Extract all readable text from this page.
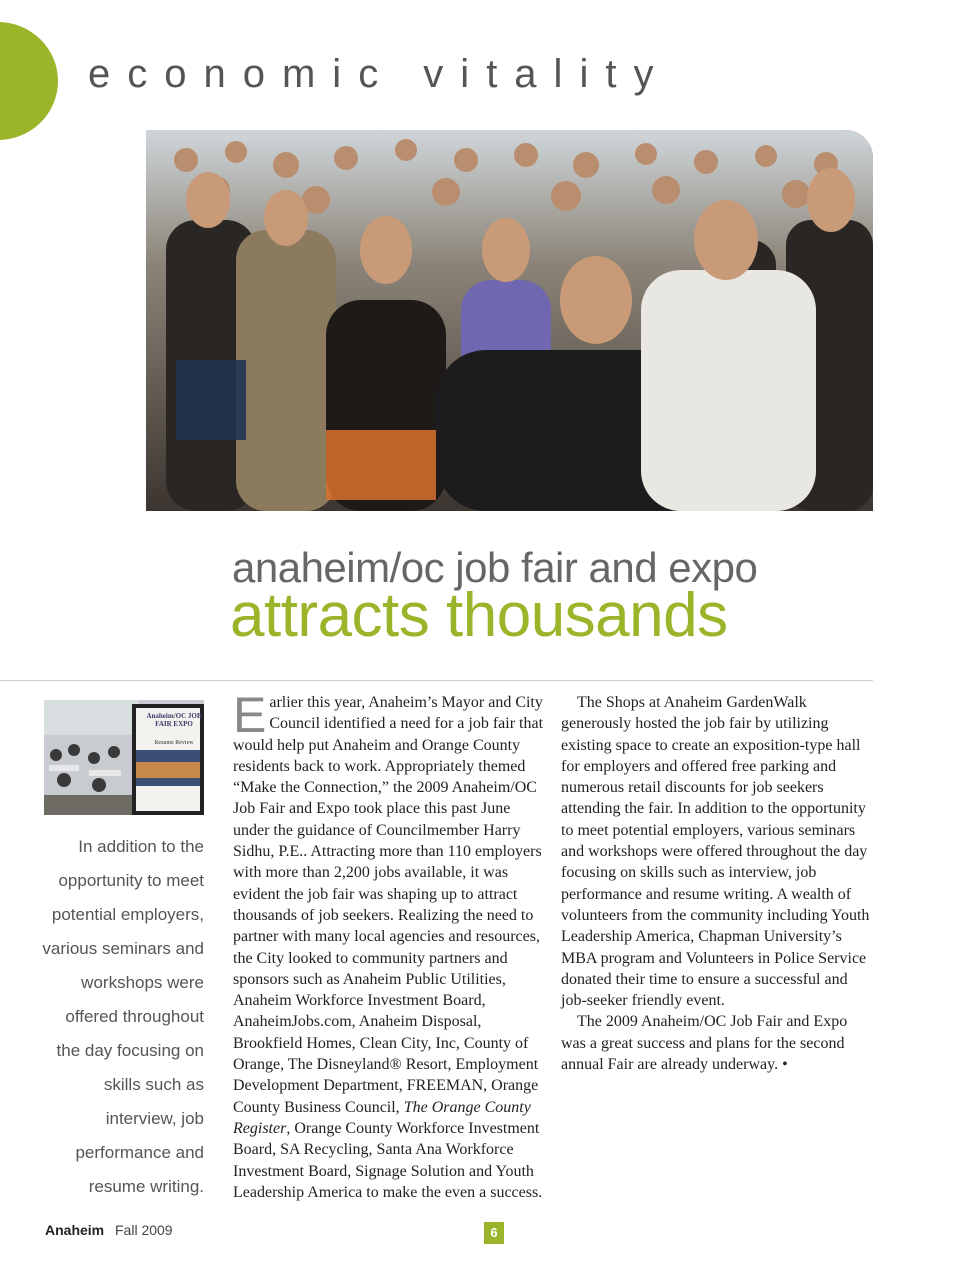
economic vitality
anaheim/oc job fair and expo
attracts thousands
Anaheim/OC JOB FAIR EXPO
Resume Review

In addition to the opportunity to meet potential employers, various seminars and workshops were offered throughout the day focusing on skills such as interview, job performance and resume writing.

Earlier this year, Anaheim’s Mayor and City Council identified a need for a job fair that would help put Anaheim and Orange County residents back to work. Appropriately themed “Make the Connection,” the 2009 Anaheim/OC Job Fair and Expo took place this past June under the guidance of Councilmember Harry Sidhu, P.E.. Attracting more than 110 employers with more than 2,200 jobs available, it was evident the job fair was shaping up to attract thousands of job seekers. Realizing the need to partner with many local agencies and resources, the City looked to community partners and sponsors such as Anaheim Public Utilities, Anaheim Workforce Investment Board, AnaheimJobs.com, Anaheim Disposal, Brookfield Homes, Clean City, Inc, County of Orange, The Disneyland® Resort, Employment Development Department, FREEMAN, Orange County Business Council, The Orange County Register, Orange County Workforce Investment Board, SA Recycling, Santa Ana Workforce Investment Board, Signage Solution and Youth Leadership America to make the even a success.

The Shops at Anaheim GardenWalk generously hosted the job fair by utilizing existing space to create an exposition-type hall for employers and offered free parking and numerous retail discounts for job seekers attending the fair. In addition to the opportunity to meet potential employers, various seminars and workshops were offered throughout the day focusing on skills such as interview, job performance and resume writing. A wealth of volunteers from the community including Youth Leadership America, Chapman University’s MBA program and Volunteers in Police Service donated their time to ensure a successful and job-seeker friendly event.

The 2009 Anaheim/OC Job Fair and Expo was a great success and plans for the second annual Fair are already underway. •

Anaheim Fall 2009	6
